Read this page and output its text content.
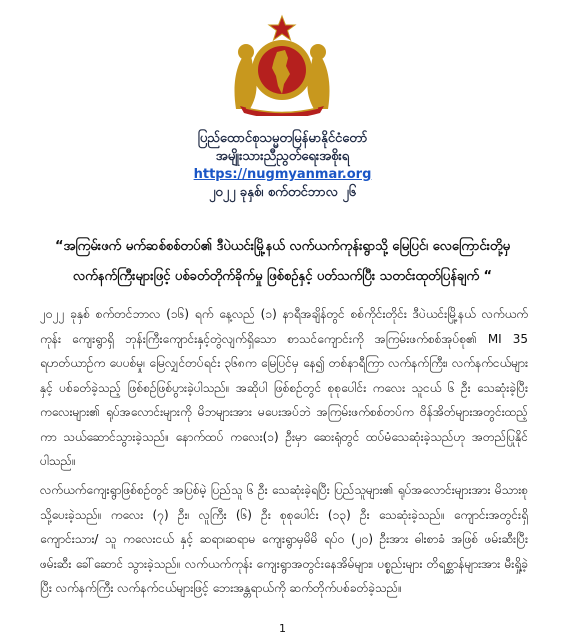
ပြည်ထောင်စုသမ္မတမြန်မာနိုင်ငံတော်
အမျိုးသားညီညွတ်ရေးအစိုးရ
https://nugmyanmar.org
၂၀၂၂ ခုနှစ်၊ စက်တင်ဘာလ ၂၆
“အကြမ်းဖက် မက်ဆစ်စစ်တပ်၏ ဒီပဲယင်းမြို့နယ် လက်ယက်ကုန်းရွာသို့ မြေပြင်၊ လေကြောင်းတို့မှ
လက်နက်ကြီးများဖြင့် ပစ်ခတ်တိုက်ခိုက်မှု ဖြစ်စဉ်နှင့် ပတ်သက်ပြီး သတင်းထုတ်ပြန်ချက် “
၂၀၂၂ ခုနှစ် စက်တင်ဘာလ (၁၆) ရက် နေ့လည် (၁) နာရီအချိန်တွင် စစ်ကိုင်းတိုင်း ဒီပဲယင်းမြို့နယ် လက်ယက်ကုန်း ကျေးရွာရှိ ဘုန်းကြီးကျောင်းနှင့်တွဲလျက်ရှိသော စာသင်ကျောင်းကို အကြမ်းဖက်စစ်အုပ်စု၏ MI 35 ရဟတ်ယာဉ်က ပေပစ်မှု၊ မြေလျှင်တပ်ရင်း ၃၆၈က မြေပြင်မှ နေ၍ တစ်နာရီကြာ လက်နက်ကြီး၊ လက်နက်ငယ်များနှင့် ပစ်ခတ်ခဲ့သည့် ဖြစ်စဉ်ဖြစ်ပွားခဲ့ပါသည်။ အဆိုပါ ဖြစ်စဉ်တွင် စုစုပေါင်း ကလေး သူငယ် ၆ ဦး သေဆုံးခဲ့ပြီး ကလေးများ၏ ရုပ်အလောင်းများကို မိဘများအား မပေးအပ်ဘဲ အကြမ်းဖက်စစ်တပ်က ဗိန်အိတ်များအတွင်းထည့်ကာ သယ်ဆောင်သွားခဲ့သည်။ နောက်ထပ် ကလေး(၁) ဦးမှာ ဆေးရုံတွင် ထပ်မံသေဆုံးခဲ့သည်ဟု အတည်ပြုနိုင်ပါသည်။
လက်ယက်ကျေးရွာဖြစ်စဉ်တွင် အပြစ်မဲ့ ပြည်သူ ၆ ဦး သေဆုံးခဲ့ရပြီး ပြည်သူများ၏ ရုပ်အလောင်းများအား မိသားစုသို့ပေးခဲ့သည်။ ကလေး (၇) ဦး၊ လူကြီး (၆) ဦး စုစုပေါင်း (၁၃) ဦး သေဆုံးခဲ့သည်။ ကျောင်းအတွင်းရှိ ကျောင်းသား/ သူ ကလေးငယ် နှင့် ဆရာ၊ဆရာမ ကျေးရွာမှမိမိ ရပ်ဝ (၂၀) ဦးအား ဓါးစာခံ အဖြစ် ဖမ်းဆီးပြီး ဖမ်းဆီး ခေါ်ဆောင် သွားခဲ့သည်။ လက်ယက်ကုန်း ကျေးရွာအတွင်းနေအိမ်များ၊ ပစ္စည်းများ တိရစ္ဆာန်များအား မီးရှို့ခဲ့ပြီး လက်နက်ကြီး လက်နက်ငယ်များဖြင့် ဘေးအန္တရာယ်ကို ဆက်တိုက်ပစ်ခတ်ခဲ့သည်။
1
